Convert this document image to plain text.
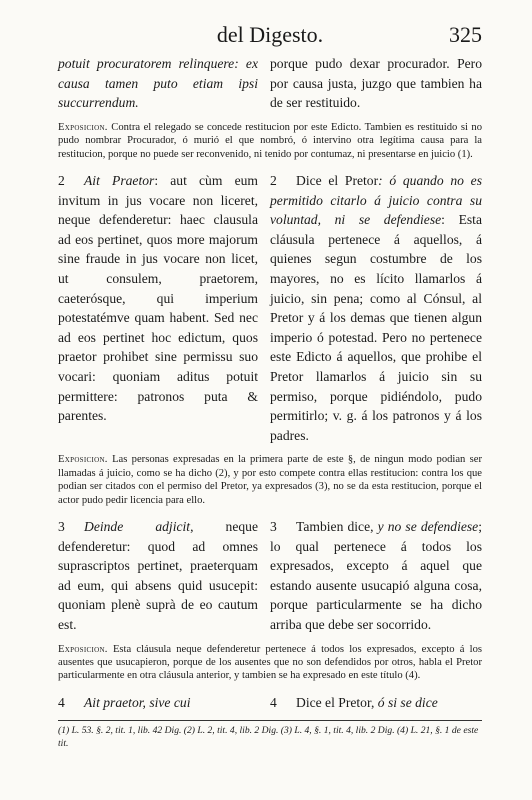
del Digesto.	325
potuit procuratorem relinquere: ex causa tamen puto etiam ipsi succurrendum.
porque pudo dexar procurador. Pero por causa justa, juzgo que tambien ha de ser restituido.
Exposicion. Contra el relegado se concede restitucion por este Edicto. Tambien es restituido si no pudo nombrar Procurador, ó murió el que nombró, ó intervino otra legítima causa para la restitucion, porque no puede ser reconvenido, ni tenido por contumaz, ni presentarse en juicio (1).
2 Ait Praetor: aut cùm eum invitum in jus vocare non liceret, neque defenderetur: haec clausula ad eos pertinet, quos more majorum sine fraude in jus vocare non licet, ut consulem, praetorem, caeterósque, qui imperium potestatémve quam habent. Sed nec ad eos pertinet hoc edictum, quos praetor prohibet sine permissu suo vocari: quoniam aditus potuit permittere: patronos puta & parentes.
2 Dice el Pretor: ó quando no es permitido citarlo á juicio contra su voluntad, ni se defendiese: Esta cláusula pertenece á aquellos, á quienes segun costumbre de los mayores, no es lícito llamarlos á juicio, sin pena; como al Cónsul, al Pretor y á los demas que tienen algun imperio ó potestad. Pero no pertenece este Edicto á aquellos, que prohibe el Pretor llamarlos á juicio sin su permiso, porque pidiéndolo, pudo permitirlo; v. g. á los patronos y á los padres.
Exposicion. Las personas expresadas en la primera parte de este §, de ningun modo podian ser llamadas á juicio, como se ha dicho (2), y por esto compete contra ellas restitucion: contra los que podian ser citados con el permiso del Pretor, ya expresados (3), no se da esta restitucion, porque el actor pudo pedir licencia para ello.
3 Deinde adjicit, neque defenderetur: quod ad omnes suprascriptos pertinet, praeterquam ad eum, qui absens quid usucepit: quoniam plenè suprà de eo cautum est.
3 Tambien dice, y no se defendiese; lo qual pertenece á todos los expresados, excepto á aquel que estando ausente usucapió alguna cosa, porque particularmente se ha dicho arriba que debe ser socorrido.
Exposicion. Esta cláusula neque defenderetur pertenece á todos los expresados, excepto á los ausentes que usucapieron, porque de los ausentes que no son defendidos por otros, habla el Pretor particularmente en otra cláusula anterior, y tambien se ha expresado en este título (4).
4 Ait praetor, sive cui	4 Dice el Pretor, ó si se dice
(1) L. 53. §. 2, tit. 1, lib. 42 Dig. (2) L. 2, tit. 4, lib. 2 Dig. (3) L. 4, §. 1, tit. 4, lib. 2 Dig. (4) L. 21, §. 1 de este tit.
